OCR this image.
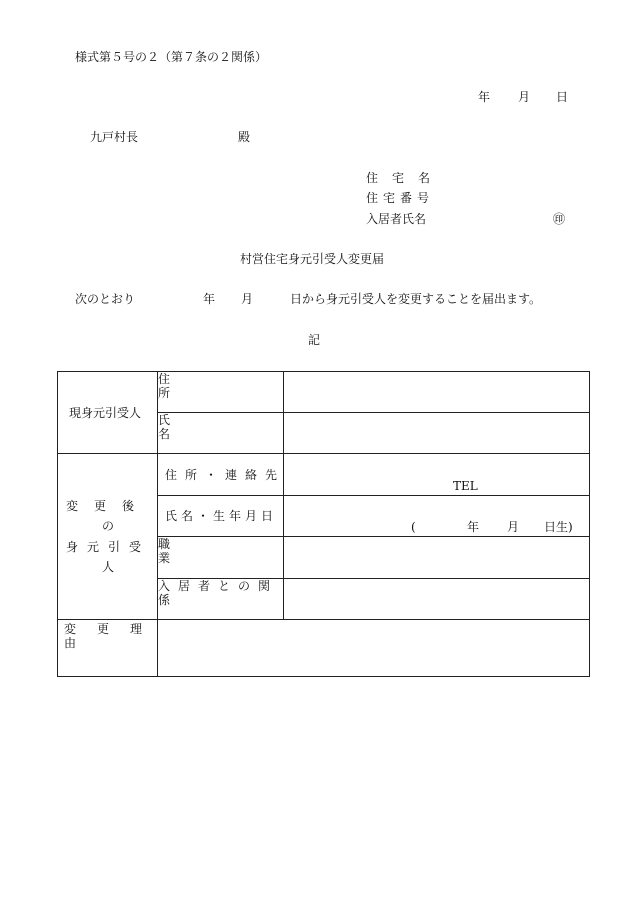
様式第５号の２（第７条の２関係）
年 月 日
九戸村長	殿
住宅名
住宅番号
入居者氏名	㊞
村営住宅身元引受人変更届
次のとおり	年 月	日から身元引受人を変更することを届出ます。
記
現身元引受人	住所	
	氏名	

変更後
の
身元引受
人	住所・連絡先	TEL

	氏名・生年月日	( 年 月 日生)

	職業	

	入居者との関係	

変更理由		
